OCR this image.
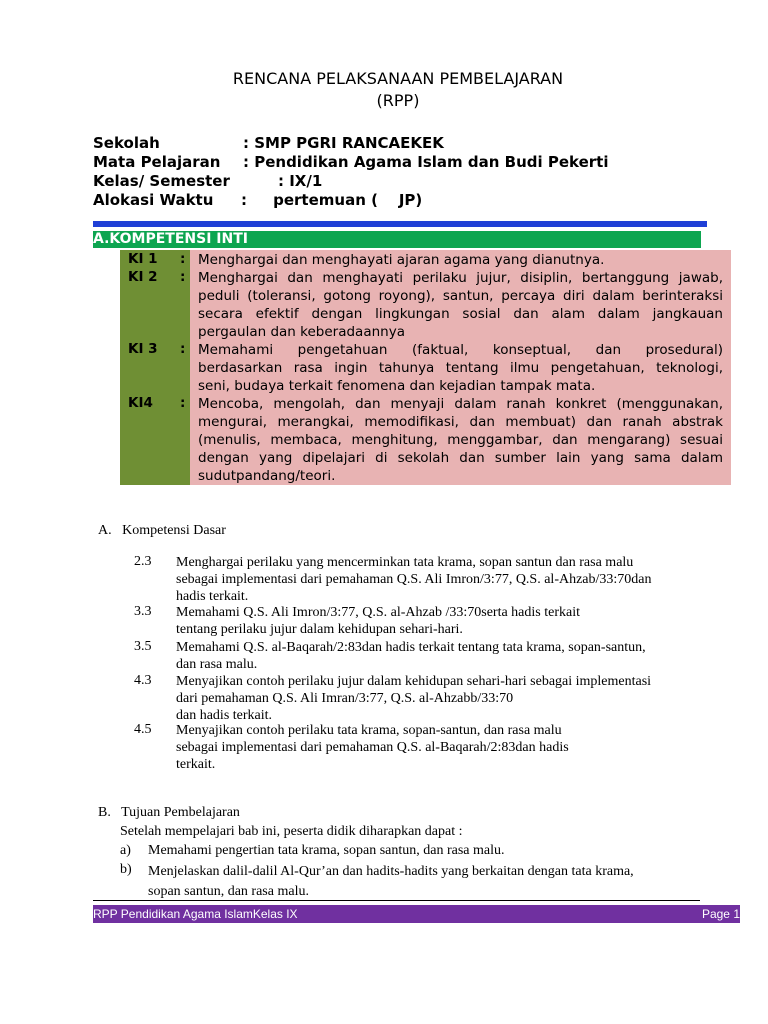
RENCANA PELAKSANAAN PEMBELAJARAN
(RPP)
Sekolah	: SMP PGRI RANCAEKEK
Mata Pelajaran : Pendidikan Agama Islam dan Budi Pekerti
Kelas/ Semester	: IX/1
Alokasi Waktu :     pertemuan (    JP)
A.KOMPETENSI INTI
KI 1 : Menghargai dan menghayati ajaran agama yang dianutnya.
KI 2 : Menghargai dan menghayati perilaku jujur, disiplin, bertanggung jawab,
peduli (toleransi, gotong royong), santun, percaya diri dalam berinteraksi
secara efektif dengan lingkungan sosial dan alam dalam jangkauan
pergaulan dan keberadaannya
KI 3 : Memahami pengetahuan (faktual, konseptual, dan prosedural)
berdasarkan rasa ingin tahunya tentang ilmu pengetahuan, teknologi,
seni, budaya terkait fenomena dan kejadian tampak mata.
KI4 : Mencoba, mengolah, dan menyaji dalam ranah konkret (menggunakan,
mengurai, merangkai, memodifikasi, dan membuat) dan ranah abstrak
(menulis, membaca, menghitung, menggambar, dan mengarang) sesuai
dengan yang dipelajari di sekolah dan sumber lain yang sama dalam
sudutpandang/teori.
A.   Kompetensi Dasar
2.3 Menghargai perilaku yang mencerminkan tata krama, sopan santun dan rasa malu
sebagai implementasi dari pemahaman Q.S. Ali Imron/3:77, Q.S. al-Ahzab/33:70dan
hadis terkait.
3.3 Memahami Q.S. Ali Imron/3:77, Q.S. al-Ahzab /33:70serta hadis terkait
tentang perilaku jujur dalam kehidupan sehari-hari.
3.5 Memahami Q.S. al-Baqarah/2:83dan hadis terkait tentang tata krama, sopan-santun,
dan rasa malu.
4.3 Menyajikan contoh perilaku jujur dalam kehidupan sehari-hari sebagai implementasi
dari pemahaman Q.S. Ali Imran/3:77, Q.S. al-Ahzabb/33:70
dan hadis terkait.
4.5 Menyajikan contoh perilaku tata krama, sopan-santun, dan rasa malu
sebagai implementasi dari pemahaman Q.S. al-Baqarah/2:83dan hadis
terkait.
B.   Tujuan Pembelajaran
Setelah mempelajari bab ini, peserta didik diharapkan dapat :
a) Memahami pengertian tata krama, sopan santun, dan rasa malu.
b) Menjelaskan dalil-dalil Al-Qur’an dan hadits-hadits yang berkaitan dengan tata krama,
sopan santun, dan rasa malu.
RPP Pendidikan Agama IslamKelas IX	Page 1
